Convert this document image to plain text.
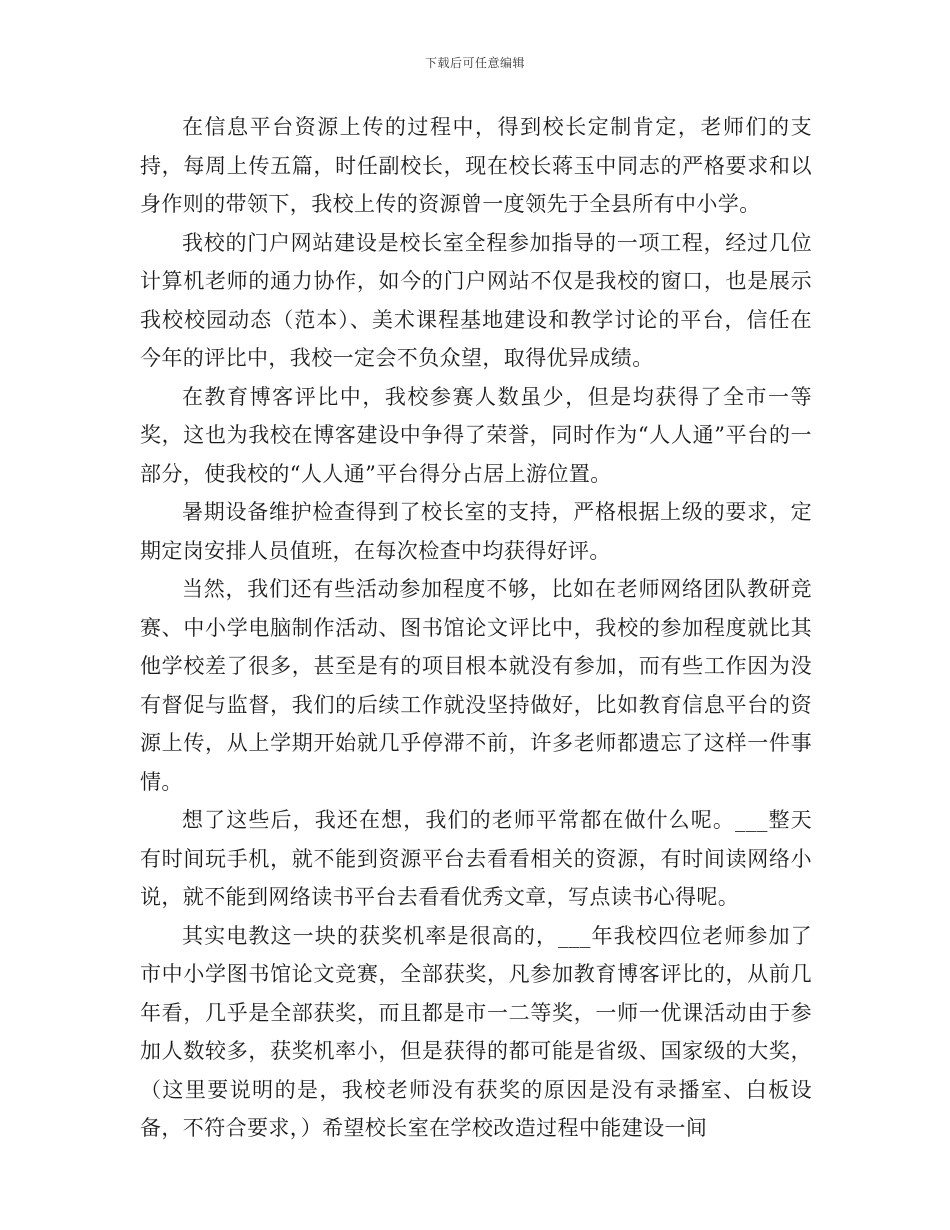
下载后可任意编辑

在信息平台资源上传的过程中，得到校长定制肯定，老师们的支持，每周上传五篇，时任副校长，现在校长蒋玉中同志的严格要求和以身作则的带领下，我校上传的资源曾一度领先于全县所有中小学。

我校的门户网站建设是校长室全程参加指导的一项工程，经过几位计算机老师的通力协作，如今的门户网站不仅是我校的窗口，也是展示我校校园动态（范本）、美术课程基地建设和教学讨论的平台，信任在今年的评比中，我校一定会不负众望，取得优异成绩。

在教育博客评比中，我校参赛人数虽少，但是均获得了全市一等奖，这也为我校在博客建设中争得了荣誉，同时作为“人人通”平台的一部分，使我校的“人人通”平台得分占居上游位置。

暑期设备维护检查得到了校长室的支持，严格根据上级的要求，定期定岗安排人员值班，在每次检查中均获得好评。

当然，我们还有些活动参加程度不够，比如在老师网络团队教研竞赛、中小学电脑制作活动、图书馆论文评比中，我校的参加程度就比其他学校差了很多，甚至是有的项目根本就没有参加，而有些工作因为没有督促与监督，我们的后续工作就没坚持做好，比如教育信息平台的资源上传，从上学期开始就几乎停滞不前，许多老师都遗忘了这样一件事情。

想了这些后，我还在想，我们的老师平常都在做什么呢。___整天有时间玩手机，就不能到资源平台去看看相关的资源，有时间读网络小说，就不能到网络读书平台去看看优秀文章，写点读书心得呢。

其实电教这一块的获奖机率是很高的，___年我校四位老师参加了市中小学图书馆论文竞赛，全部获奖，凡参加教育博客评比的，从前几年看，几乎是全部获奖，而且都是市一二等奖，一师一优课活动由于参加人数较多，获奖机率小，但是获得的都可能是省级、国家级的大奖，（这里要说明的是，我校老师没有获奖的原因是没有录播室、白板设备，不符合要求，）希望校长室在学校改造过程中能建设一间
